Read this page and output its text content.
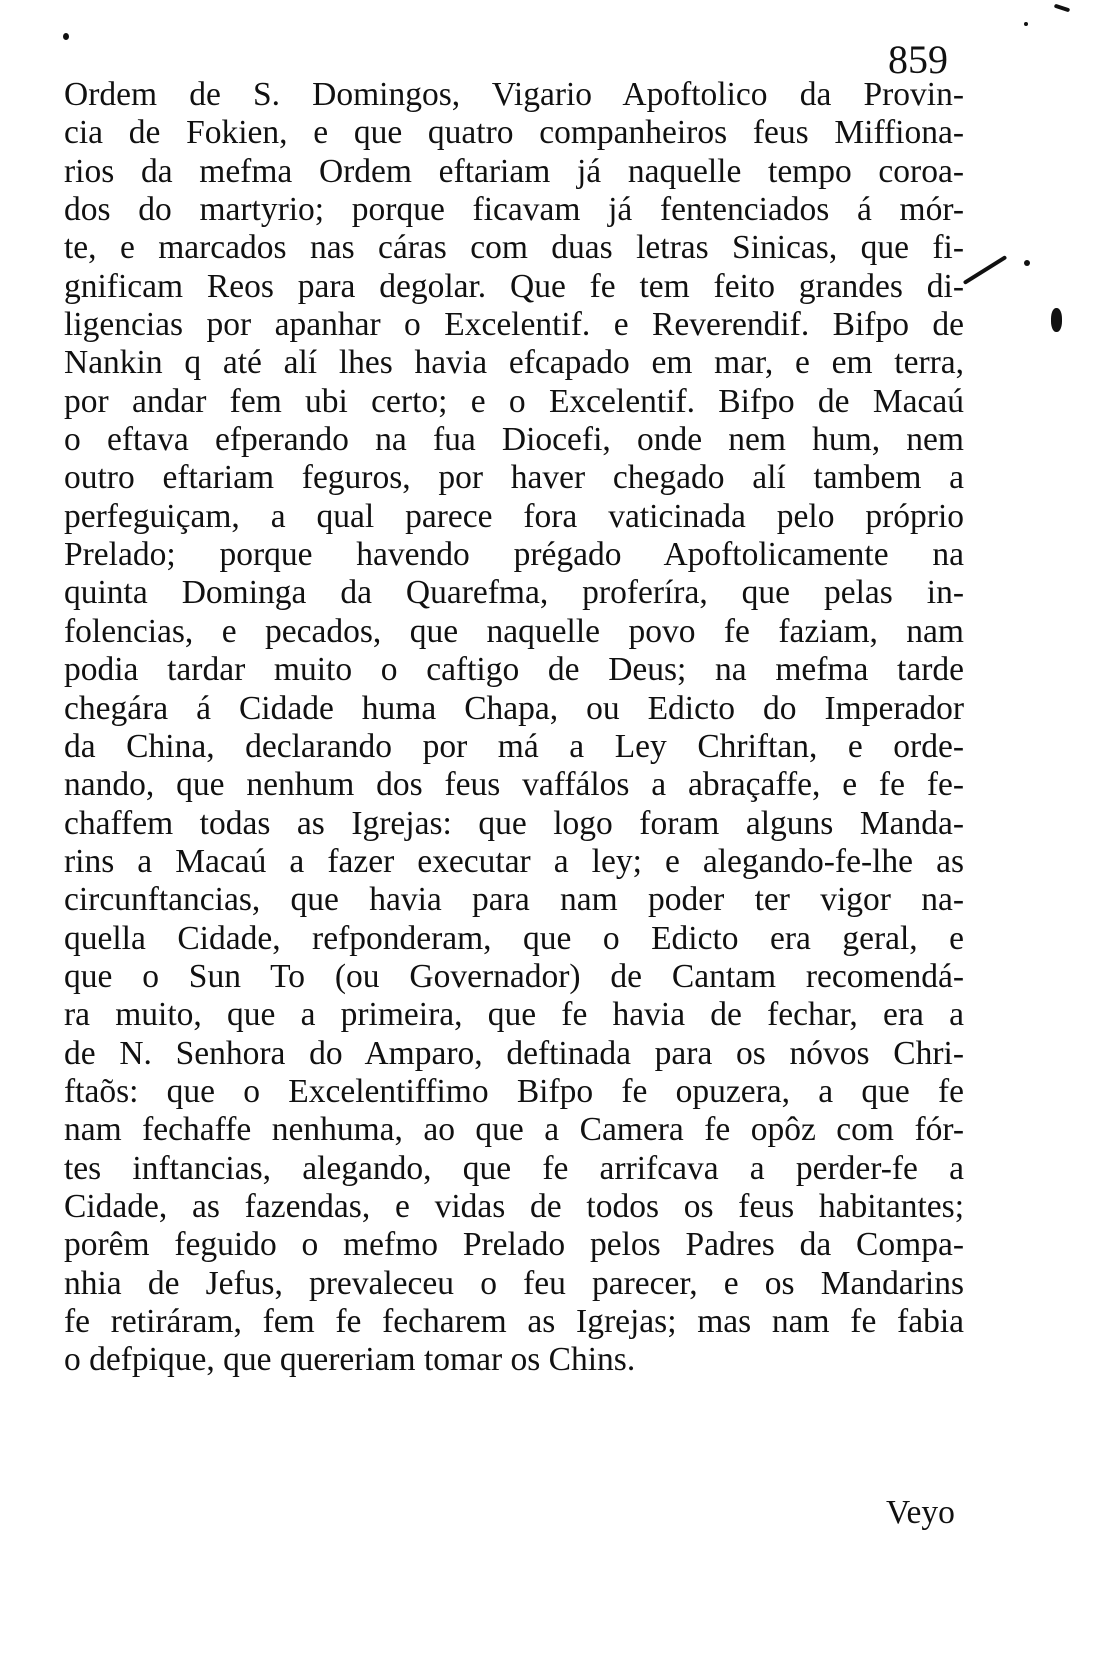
859
Ordem de S. Domingos, Vigario Apoftolico da Provin-
cia de Fokien, e que quatro companheiros feus Miffiona-
rios da mefma Ordem eftariam já naquelle tempo coroa-
dos do martyrio; porque ficavam já fentenciados á mór-
te, e marcados nas cáras com duas letras Sinicas, que fi-
gnificam Reos para degolar. Que fe tem feito grandes di-
ligencias por apanhar o Excelentif. e Reverendif. Bifpo de
Nankin q até alí lhes havia efcapado em mar, e em terra,
por andar fem ubi certo; e o Excelentif. Bifpo de Macaú
o eftava efperando na fua Diocefi, onde nem hum, nem
outro eftariam feguros, por haver chegado alí tambem a
perfeguiçam, a qual parece fora vaticinada pelo próprio
Prelado; porque havendo prégado Apoftolicamente na
quinta Dominga da Quarefma, proferíra, que pelas in-
folencias, e pecados, que naquelle povo fe faziam, nam
podia tardar muito o caftigo de Deus; na mefma tarde
chegára á Cidade huma Chapa, ou Edicto do Imperador
da China, declarando por má a Ley Chriftan, e orde-
nando, que nenhum dos feus vaffálos a abraçaffe, e fe fe-
chaffem todas as Igrejas: que logo foram alguns Manda-
rins a Macaú a fazer executar a ley; e alegando-fe-lhe as
circunftancias, que havia para nam poder ter vigor na-
quella Cidade, refponderam, que o Edicto era geral, e
que o Sun To (ou Governador) de Cantam recomendá-
ra muito, que a primeira, que fe havia de fechar, era a
de N. Senhora do Amparo, deftinada para os nóvos Chri-
ftaõs: que o Excelentiffimo Bifpo fe opuzera, a que fe
nam fechaffe nenhuma, ao que a Camera fe opôz com fór-
tes inftancias, alegando, que fe arrifcava a perder-fe a
Cidade, as fazendas, e vidas de todos os feus habitantes;
porêm feguido o mefmo Prelado pelos Padres da Compa-
nhia de Jefus, prevaleceu o feu parecer, e os Mandarins
fe retiráram, fem fe fecharem as Igrejas; mas nam fe fabia
o defpique, que quereriam tomar os Chins.
Veyo
